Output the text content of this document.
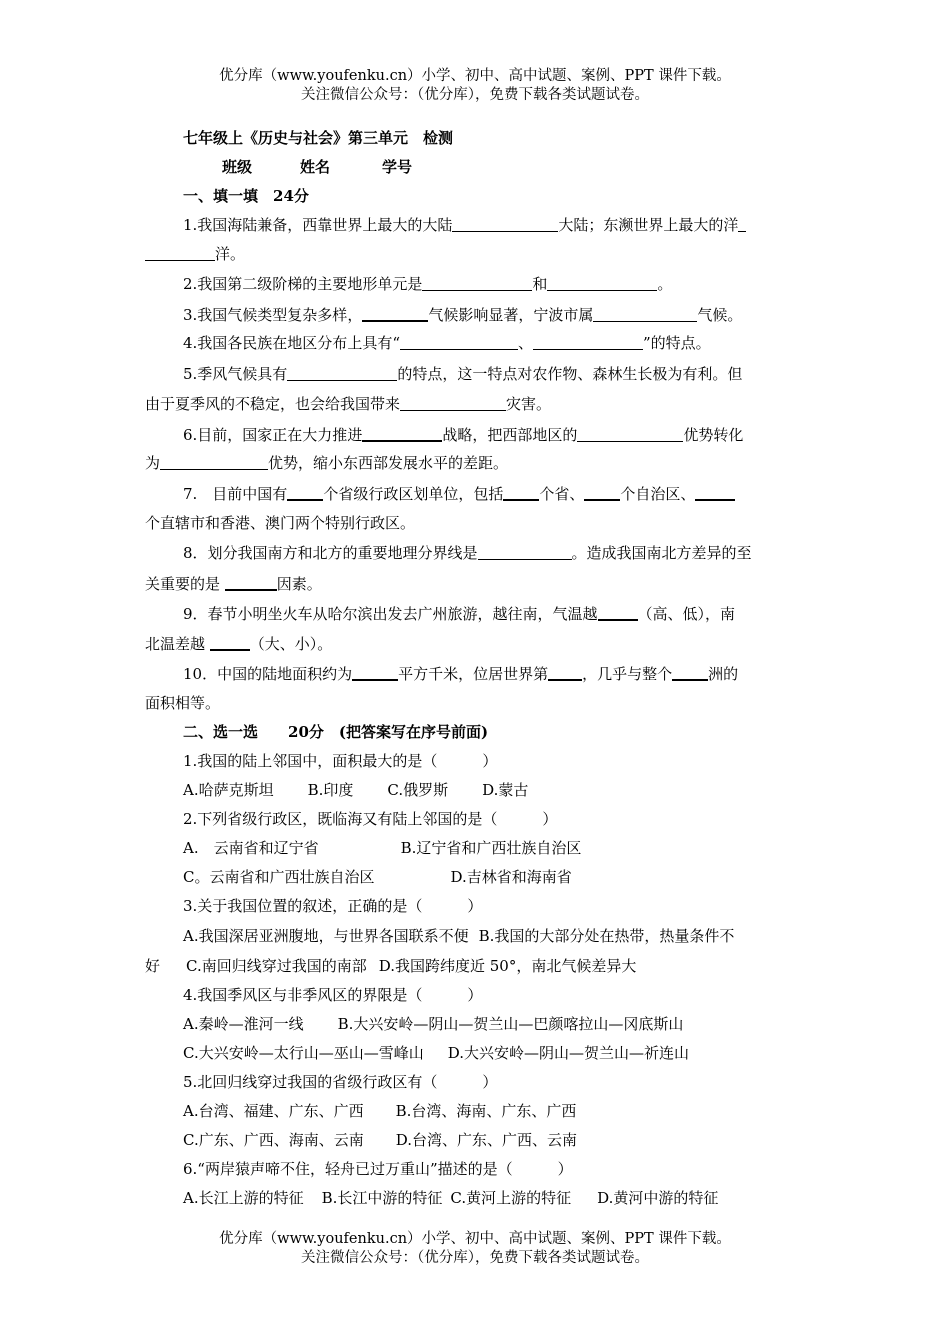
优分库（www.youfenku.cn）小学、初中、高中试题、案例、PPT 课件下载。
关注微信公众号：（优分库），免费下载各类试题试卷。
七年级上《历史与社会》第三单元　检测
班级	姓名	学号
一、填一填　24分
1.我国海陆兼备，西靠世界上最大的大陆	大陆；东濒世界上最大的洋
洋。
2.我国第二级阶梯的主要地形单元是	和	。
3.我国气候类型复杂多样，	气候影响显著，宁波市属	气候。
4.我国各民族在地区分布上具有“	、	”的特点。
5.季风气候具有	的特点，这一特点对农作物、森林生长极为有利。但
由于夏季风的不稳定，也会给我国带来	灾害。
6.目前，国家正在大力推进	战略，把西部地区的	优势转化
为	优势，缩小东西部发展水平的差距。
7.　目前中国有 个省级行政区划单位，包括 个省、 个自治区、
个直辖市和香港、澳门两个特别行政区。
8．划分我国南方和北方的重要地理分界线是	。造成我国南北方差异的至
关重要的是	因素。
9．春节小明坐火车从哈尔滨出发去广州旅游，越往南，气温越	（高、低），南
北温差越	（大、小）。
10．中国的陆地面积约为	平方千米，位居世界第 ，几乎与整个 洲的
面积相等。
二、选一选　　20分　(把答案写在序号前面)
1.我国的陆上邻国中，面积最大的是（　　　）
A.哈萨克斯坦 B.印度 C.俄罗斯 D.蒙古
2.下列省级行政区，既临海又有陆上邻国的是（　　　）
A.　云南省和辽宁省	B.辽宁省和广西壮族自治区
C。云南省和广西壮族自治区	D.吉林省和海南省
3.关于我国位置的叙述，正确的是（　　　）
A.我国深居亚洲腹地，与世界各国联系不便 B.我国的大部分处在热带，热量条件不
好 C.南回归线穿过我国的南部 D.我国跨纬度近 50°，南北气候差异大
4.我国季风区与非季风区的界限是（　　　）
A.秦岭—淮河一线 B.大兴安岭—阴山—贺兰山—巴颜喀拉山—冈底斯山
C.大兴安岭—太行山—巫山—雪峰山 D.大兴安岭—阴山—贺兰山—祈连山
5.北回归线穿过我国的省级行政区有（　　　）
A.台湾、福建、广东、广西 B.台湾、海南、广东、广西
C.广东、广西、海南、云南 D.台湾、广东、广西、云南
6.“两岸猿声啼不住，轻舟已过万重山”描述的是（　　　）
A.长江上游的特征 B.长江中游的特征 C.黄河上游的特征 D.黄河中游的特征
优分库（www.youfenku.cn）小学、初中、高中试题、案例、PPT 课件下载。
关注微信公众号：（优分库），免费下载各类试题试卷。
